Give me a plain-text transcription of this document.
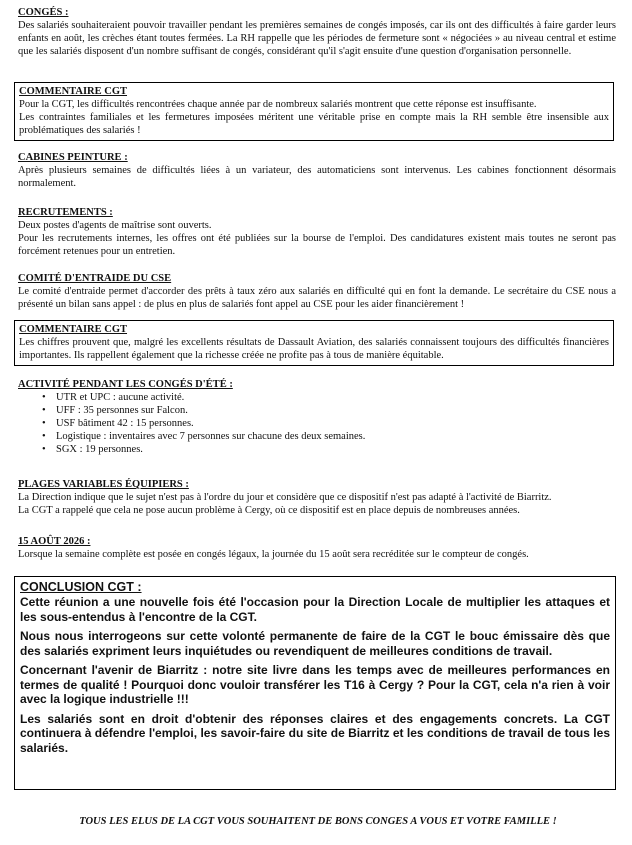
CONGÉS :

Des salariés souhaiteraient pouvoir travailler pendant les premières semaines de congés imposés, car ils ont des difficultés à faire garder leurs enfants en août, les crèches étant toutes fermées. La RH rappelle que les périodes de fermeture sont « négociées » au niveau central et estime que les salariés disposent d'un nombre suffisant de congés, considérant qu'il s'agit ensuite d'une question d'organisation personnelle.

COMMENTAIRE CGT

Pour la CGT, les difficultés rencontrées chaque année par de nombreux salariés montrent que cette réponse est insuffisante.

Les contraintes familiales et les fermetures imposées méritent une véritable prise en compte mais la RH semble être insensible aux problématiques des salariés !

CABINES PEINTURE :

Après plusieurs semaines de difficultés liées à un variateur, des automaticiens sont intervenus. Les cabines fonctionnent désormais normalement.

RECRUTEMENTS :

Deux postes d'agents de maîtrise sont ouverts.

Pour les recrutements internes, les offres ont été publiées sur la bourse de l'emploi. Des candidatures existent mais toutes ne seront pas forcément retenues pour un entretien.

COMITÉ D'ENTRAIDE DU CSE

Le comité d'entraide permet d'accorder des prêts à taux zéro aux salariés en difficulté qui en font la demande. Le secrétaire du CSE nous a présenté un bilan sans appel : de plus en plus de salariés font appel au CSE pour les aider financièrement !

COMMENTAIRE CGT

Les chiffres prouvent que, malgré les excellents résultats de Dassault Aviation, des salariés connaissent toujours des difficultés financières importantes. Ils rappellent également que la richesse créée ne profite pas à tous de manière équitable.

ACTIVITÉ PENDANT LES CONGÉS D'ÉTÉ :
• UTR et UPC : aucune activité.
• UFF : 35 personnes sur Falcon.
• USF bâtiment 42 : 15 personnes.
• Logistique : inventaires avec 7 personnes sur chacune des deux semaines.
• SGX : 19 personnes.
PLAGES VARIABLES ÉQUIPIERS :

La Direction indique que le sujet n'est pas à l'ordre du jour et considère que ce dispositif n'est pas adapté à l'activité de Biarritz.

La CGT a rappelé que cela ne pose aucun problème à Cergy, où ce dispositif est en place depuis de nombreuses années.

15 AOÛT 2026 :

Lorsque la semaine complète est posée en congés légaux, la journée du 15 août sera recréditée sur le compteur de congés.

CONCLUSION CGT :

Cette réunion a une nouvelle fois été l'occasion pour la Direction Locale de multiplier les attaques et les sous-entendus à l'encontre de la CGT.

Nous nous interrogeons sur cette volonté permanente de faire de la CGT le bouc émissaire dès que des salariés expriment leurs inquiétudes ou revendiquent de meilleures conditions de travail.

Concernant l'avenir de Biarritz : notre site livre dans les temps avec de meilleures performances en termes de qualité ! Pourquoi donc vouloir transférer les T16 à Cergy ? Pour la CGT, cela n'a rien à voir avec la logique industrielle !!!

Les salariés sont en droit d'obtenir des réponses claires et des engagements concrets. La CGT continuera à défendre l'emploi, les savoir-faire du site de Biarritz et les conditions de travail de tous les salariés.

TOUS LES ELUS DE LA CGT VOUS SOUHAITENT DE BONS CONGES A VOUS ET VOTRE FAMILLE !
